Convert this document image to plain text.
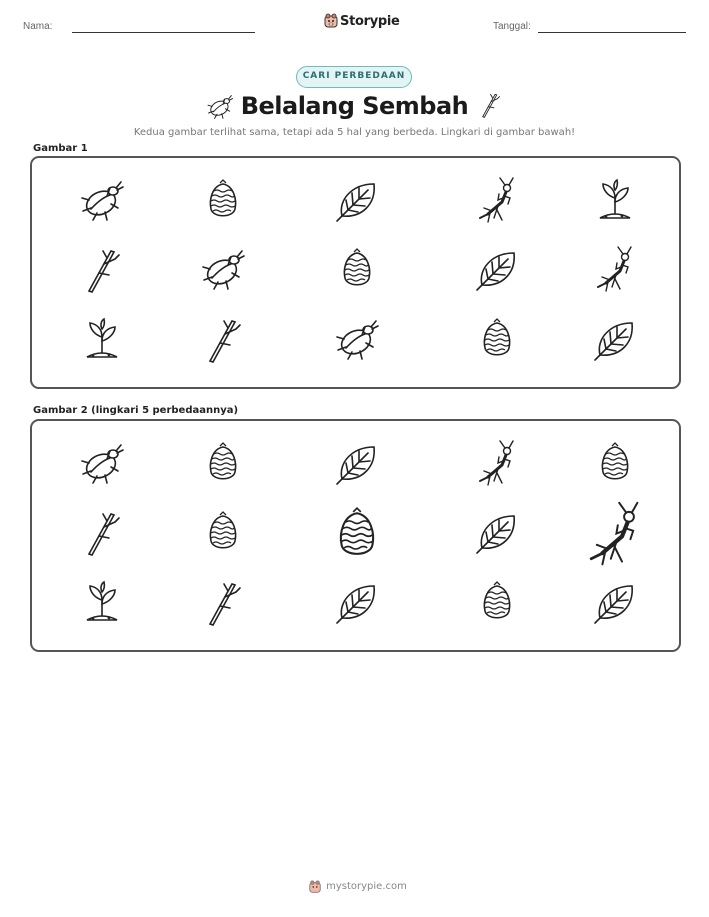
Nama:	Storypie	Tanggal:
CARI PERBEDAAN
Belalang Sembah
Kedua gambar terlihat sama, tetapi ada 5 hal yang berbeda. Lingkari di gambar bawah!
Gambar 1
Gambar 2 (lingkari 5 perbedaannya)
mystorypie.com
